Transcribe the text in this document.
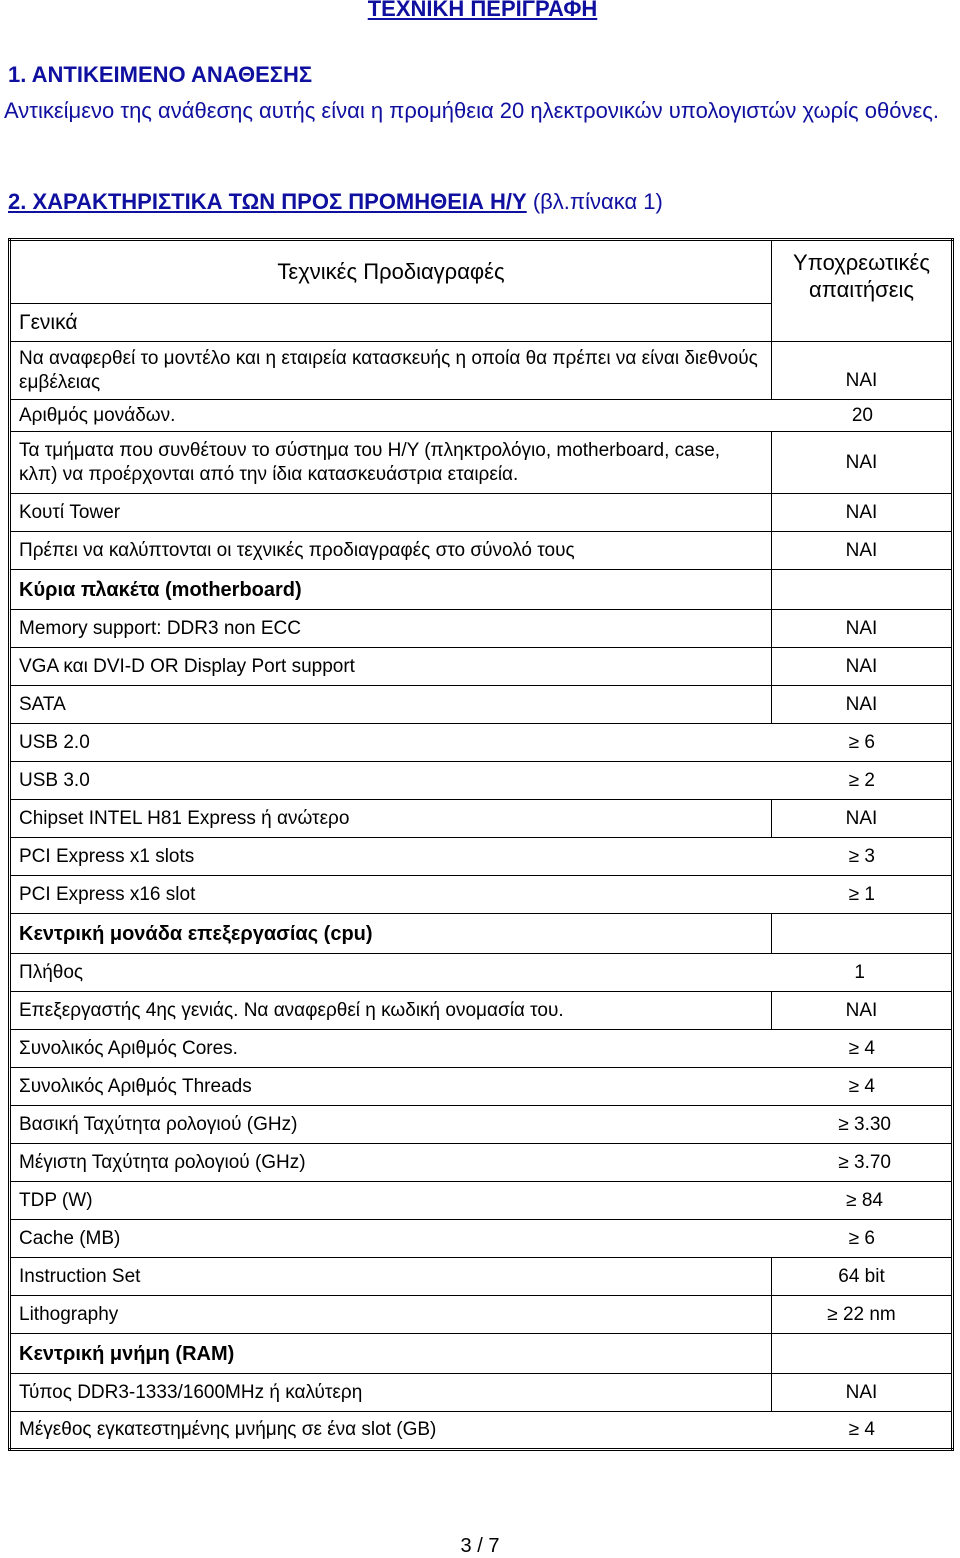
ΤΕΧΝΙΚΗ ΠΕΡΙΓΡΑΦΗ
1. ΑΝΤΙΚΕΙΜΕΝΟ ΑΝΑΘΕΣΗΣ
Αντικείμενο της ανάθεσης αυτής είναι η προμήθεια 20 ηλεκτρονικών υπολογιστών χωρίς οθόνες.
2. ΧΑΡΑΚΤΗΡΙΣΤΙΚΑ ΤΩΝ ΠΡΟΣ ΠΡΟΜΗΘΕΙΑ Η/Υ (βλ.πίνακα 1)
Τεχνικές Προδιαγραφές	Υποχρεωτικές απαιτήσεις
Γενικά	
Να αναφερθεί το μοντέλο και η εταιρεία κατασκευής η οποία θα πρέπει να είναι διεθνούς εμβέλειας	ΝΑΙ
Αριθμός μονάδων. 20	

Τα τμήματα που συνθέτουν το σύστημα του Η/Υ (πληκτρολόγιο, motherboard, case, κλπ) να προέρχονται από την ίδια κατασκευάστρια εταιρεία.	ΝΑΙ
Κουτί Tower	ΝΑΙ
Πρέπει να καλύπτονται οι τεχνικές προδιαγραφές στο σύνολό τους	ΝΑΙ
Κύρια πλακέτα (motherboard)	
Memory support: DDR3 non ECC	ΝΑΙ
VGA και DVI-D OR Display Port support	ΝΑΙ
SATA	ΝΑΙ
USB 2.0 ≥ 6	

USB 3.0 ≥ 2	

Chipset INTEL H81 Express ή ανώτερο	ΝΑΙ
PCI Express x1 slots ≥ 3	

PCI Express x16 slot ≥ 1	

Κεντρική μονάδα επεξεργασίας (cpu)	
Πλήθος 1	

Επεξεργαστής 4ης γενιάς. Να αναφερθεί η κωδική ονομασία του.	ΝΑΙ
Συνολικός Αριθμός Cores. ≥ 4	

Συνολικός Αριθμός Threads ≥ 4	

Βασική Ταχύτητα ρολογιού (GHz) ≥ 3.30	

Μέγιστη Ταχύτητα ρολογιού (GHz) ≥ 3.70	

TDP (W) ≥ 84	

Cache (MB) ≥ 6	

Instruction Set	64 bit
Lithography	≥ 22 nm
Κεντρική μνήμη (RAM)	
Τύπος DDR3-1333/1600MHz ή καλύτερη	ΝΑΙ
Μέγεθος εγκατεστημένης μνήμης σε ένα slot (GB) ≥ 4	
3 / 7
